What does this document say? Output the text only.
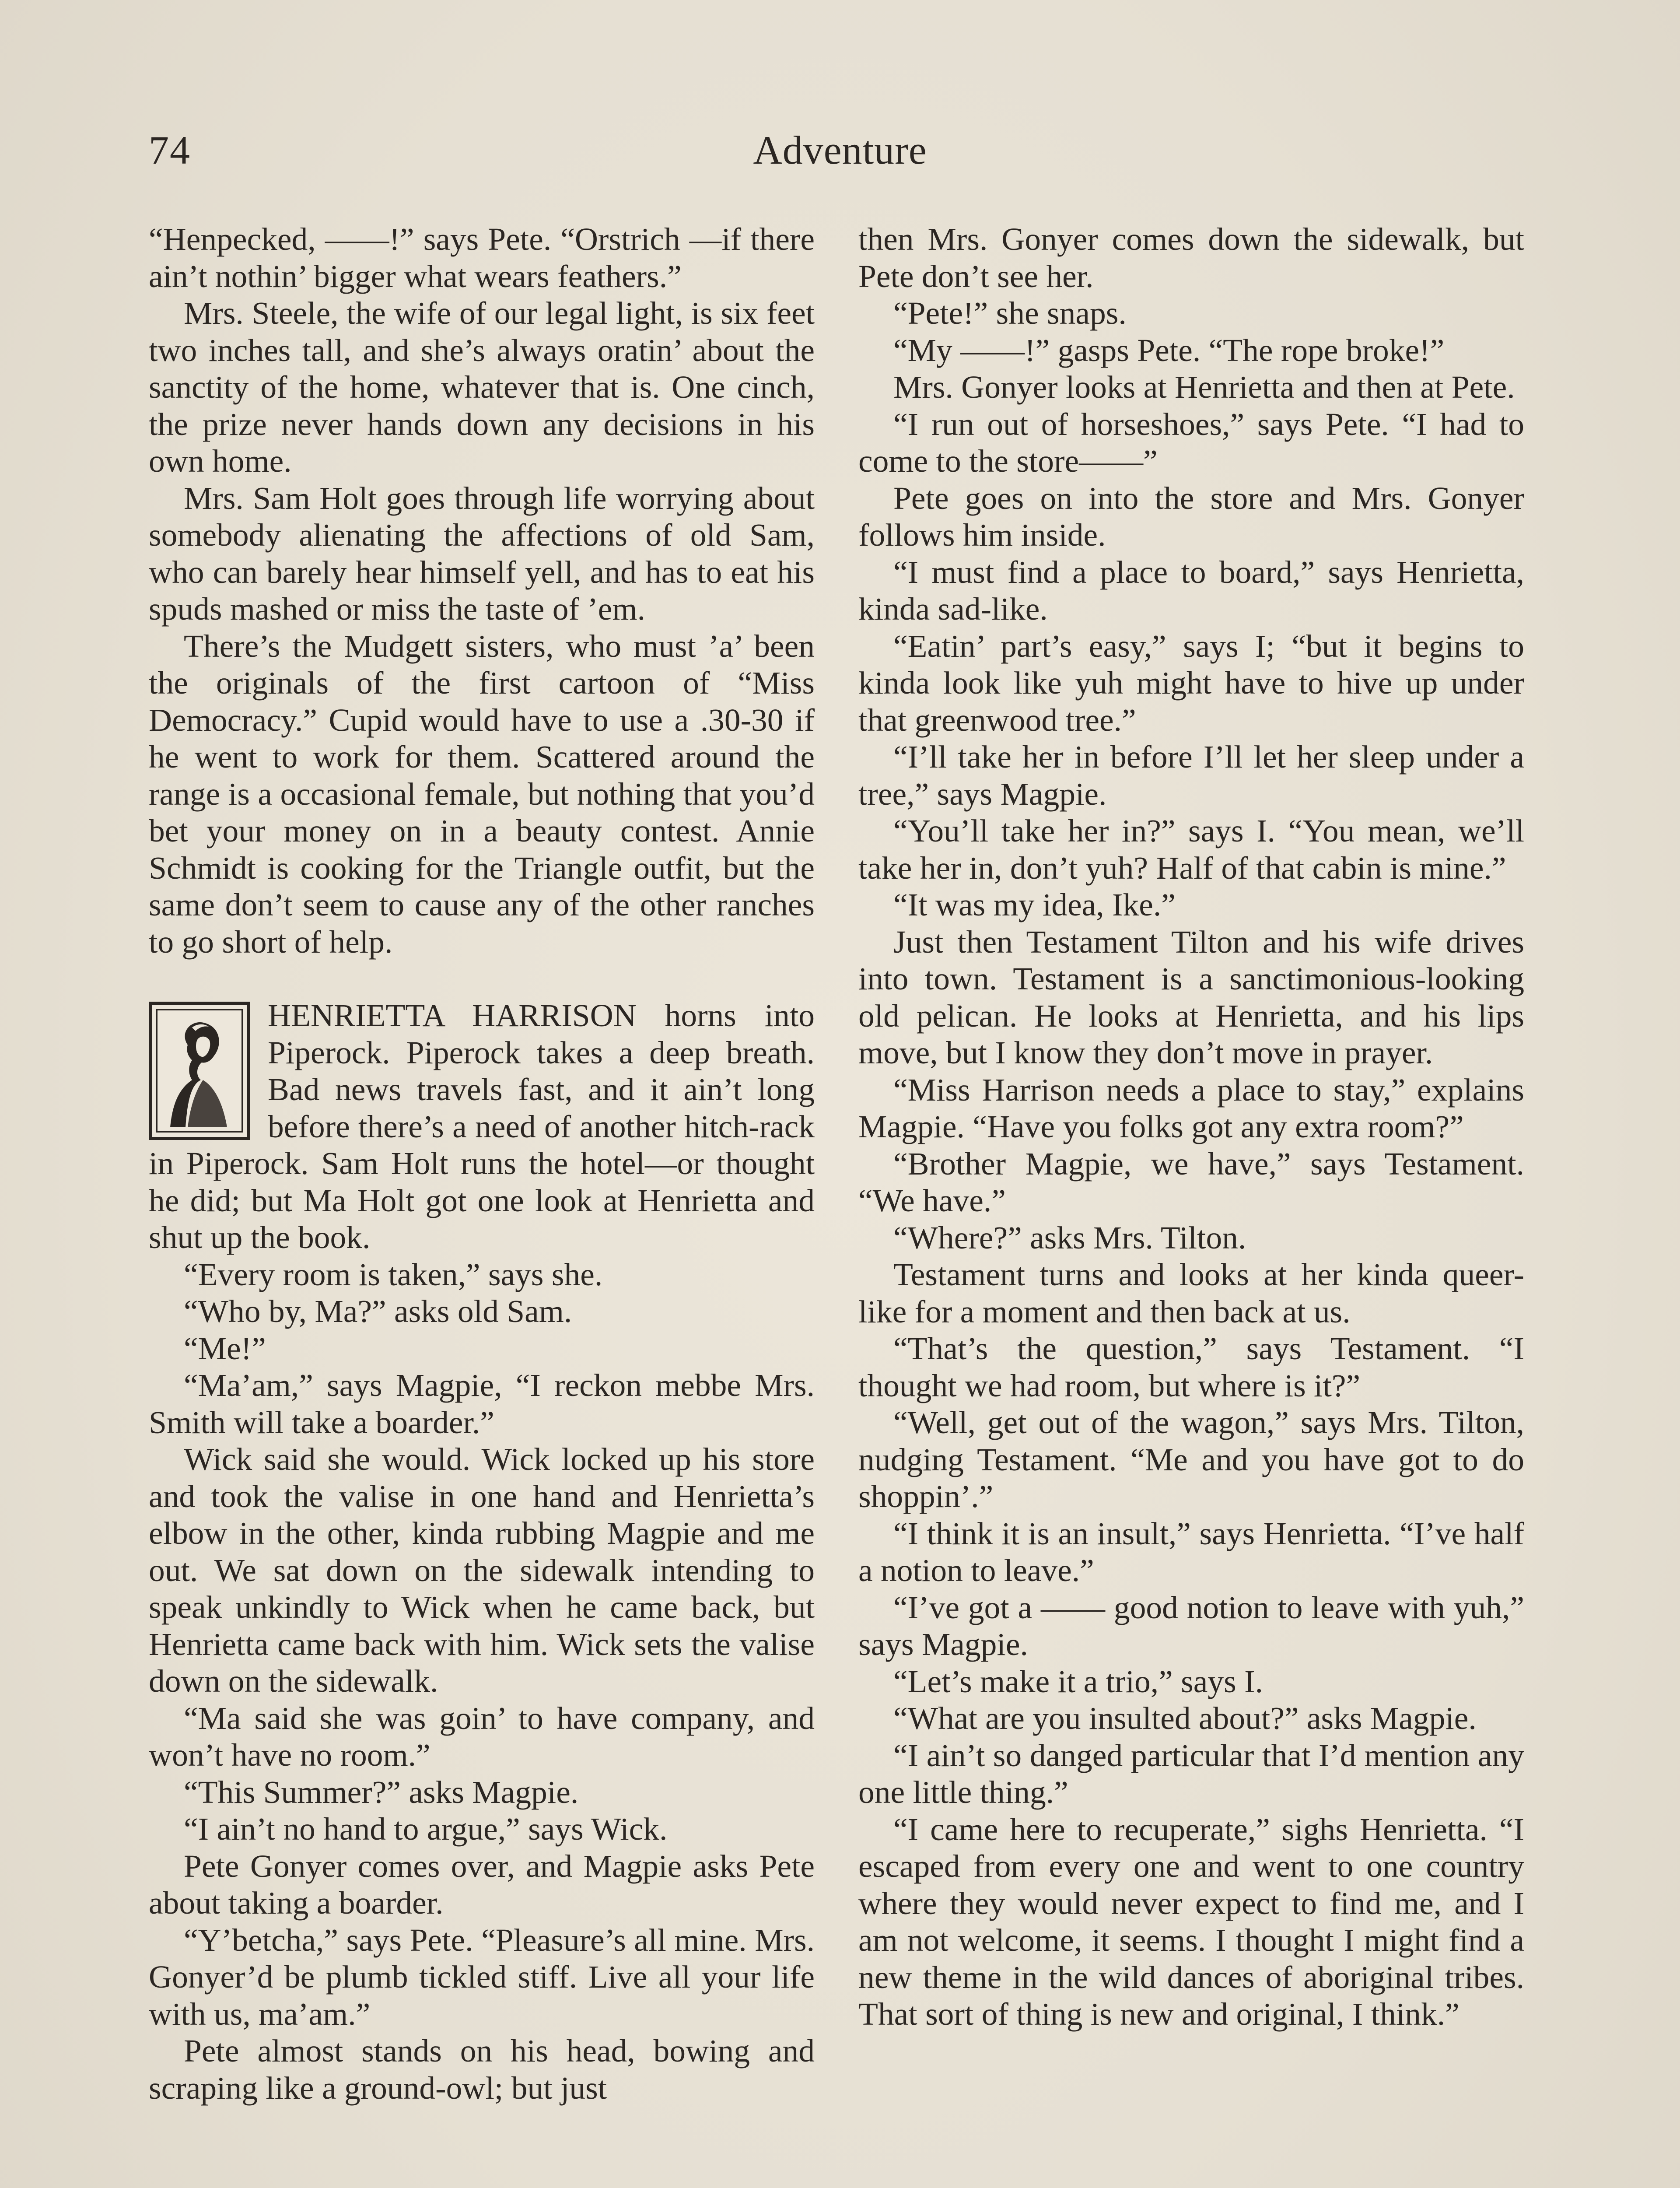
74	Adventure

“Henpecked, ——!” says Pete. “Orstrich —if there ain’t nothin’ bigger what wears feathers.”

Mrs. Steele, the wife of our legal light, is six feet two inches tall, and she’s always oratin’ about the sanctity of the home, whatever that is. One cinch, the prize never hands down any decisions in his own home.

Mrs. Sam Holt goes through life worrying about somebody alienating the affections of old Sam, who can barely hear himself yell, and has to eat his spuds mashed or miss the taste of ’em.

There’s the Mudgett sisters, who must ’a’ been the originals of the first cartoon of “Miss Democracy.” Cupid would have to use a .30-30 if he went to work for them. Scattered around the range is a occasional female, but nothing that you’d bet your money on in a beauty contest. Annie Schmidt is cooking for the Triangle outfit, but the same don’t seem to cause any of the other ranches to go short of help.

HENRIETTA HARRISON horns into Piperock. Piperock takes a deep breath. Bad news travels fast, and it ain’t long before there’s a need of another hitch-rack in Piperock. Sam Holt runs the hotel—or thought he did; but Ma Holt got one look at Henrietta and shut up the book.

“Every room is taken,” says she.

“Who by, Ma?” asks old Sam.

“Me!”

“Ma’am,” says Magpie, “I reckon mebbe Mrs. Smith will take a boarder.”

Wick said she would. Wick locked up his store and took the valise in one hand and Henrietta’s elbow in the other, kinda rubbing Magpie and me out. We sat down on the sidewalk intending to speak unkindly to Wick when he came back, but Henrietta came back with him. Wick sets the valise down on the sidewalk.

“Ma said she was goin’ to have company, and won’t have no room.”

“This Summer?” asks Magpie.

“I ain’t no hand to argue,” says Wick.

Pete Gonyer comes over, and Magpie asks Pete about taking a boarder.

“Y’betcha,” says Pete. “Pleasure’s all mine. Mrs. Gonyer’d be plumb tickled stiff. Live all your life with us, ma’am.”

Pete almost stands on his head, bowing and scraping like a ground-owl; but just

then Mrs. Gonyer comes down the sidewalk, but Pete don’t see her.

“Pete!” she snaps.

“My ——!” gasps Pete. “The rope broke!”

Mrs. Gonyer looks at Henrietta and then at Pete.

“I run out of horseshoes,” says Pete. “I had to come to the store——”

Pete goes on into the store and Mrs. Gonyer follows him inside.

“I must find a place to board,” says Henrietta, kinda sad-like.

“Eatin’ part’s easy,” says I; “but it begins to kinda look like yuh might have to hive up under that greenwood tree.”

“I’ll take her in before I’ll let her sleep under a tree,” says Magpie.

“You’ll take her in?” says I. “You mean, we’ll take her in, don’t yuh? Half of that cabin is mine.”

“It was my idea, Ike.”

Just then Testament Tilton and his wife drives into town. Testament is a sanctimonious-looking old pelican. He looks at Henrietta, and his lips move, but I know they don’t move in prayer.

“Miss Harrison needs a place to stay,” explains Magpie. “Have you folks got any extra room?”

“Brother Magpie, we have,” says Testament. “We have.”

“Where?” asks Mrs. Tilton.

Testament turns and looks at her kinda queer-like for a moment and then back at us.

“That’s the question,” says Testament. “I thought we had room, but where is it?”

“Well, get out of the wagon,” says Mrs. Tilton, nudging Testament. “Me and you have got to do shoppin’.”

“I think it is an insult,” says Henrietta. “I’ve half a notion to leave.”

“I’ve got a —— good notion to leave with yuh,” says Magpie.

“Let’s make it a trio,” says I.

“What are you insulted about?” asks Magpie.

“I ain’t so danged particular that I’d mention any one little thing.”

“I came here to recuperate,” sighs Henrietta. “I escaped from every one and went to one country where they would never expect to find me, and I am not welcome, it seems. I thought I might find a new theme in the wild dances of aboriginal tribes. That sort of thing is new and original, I think.”
